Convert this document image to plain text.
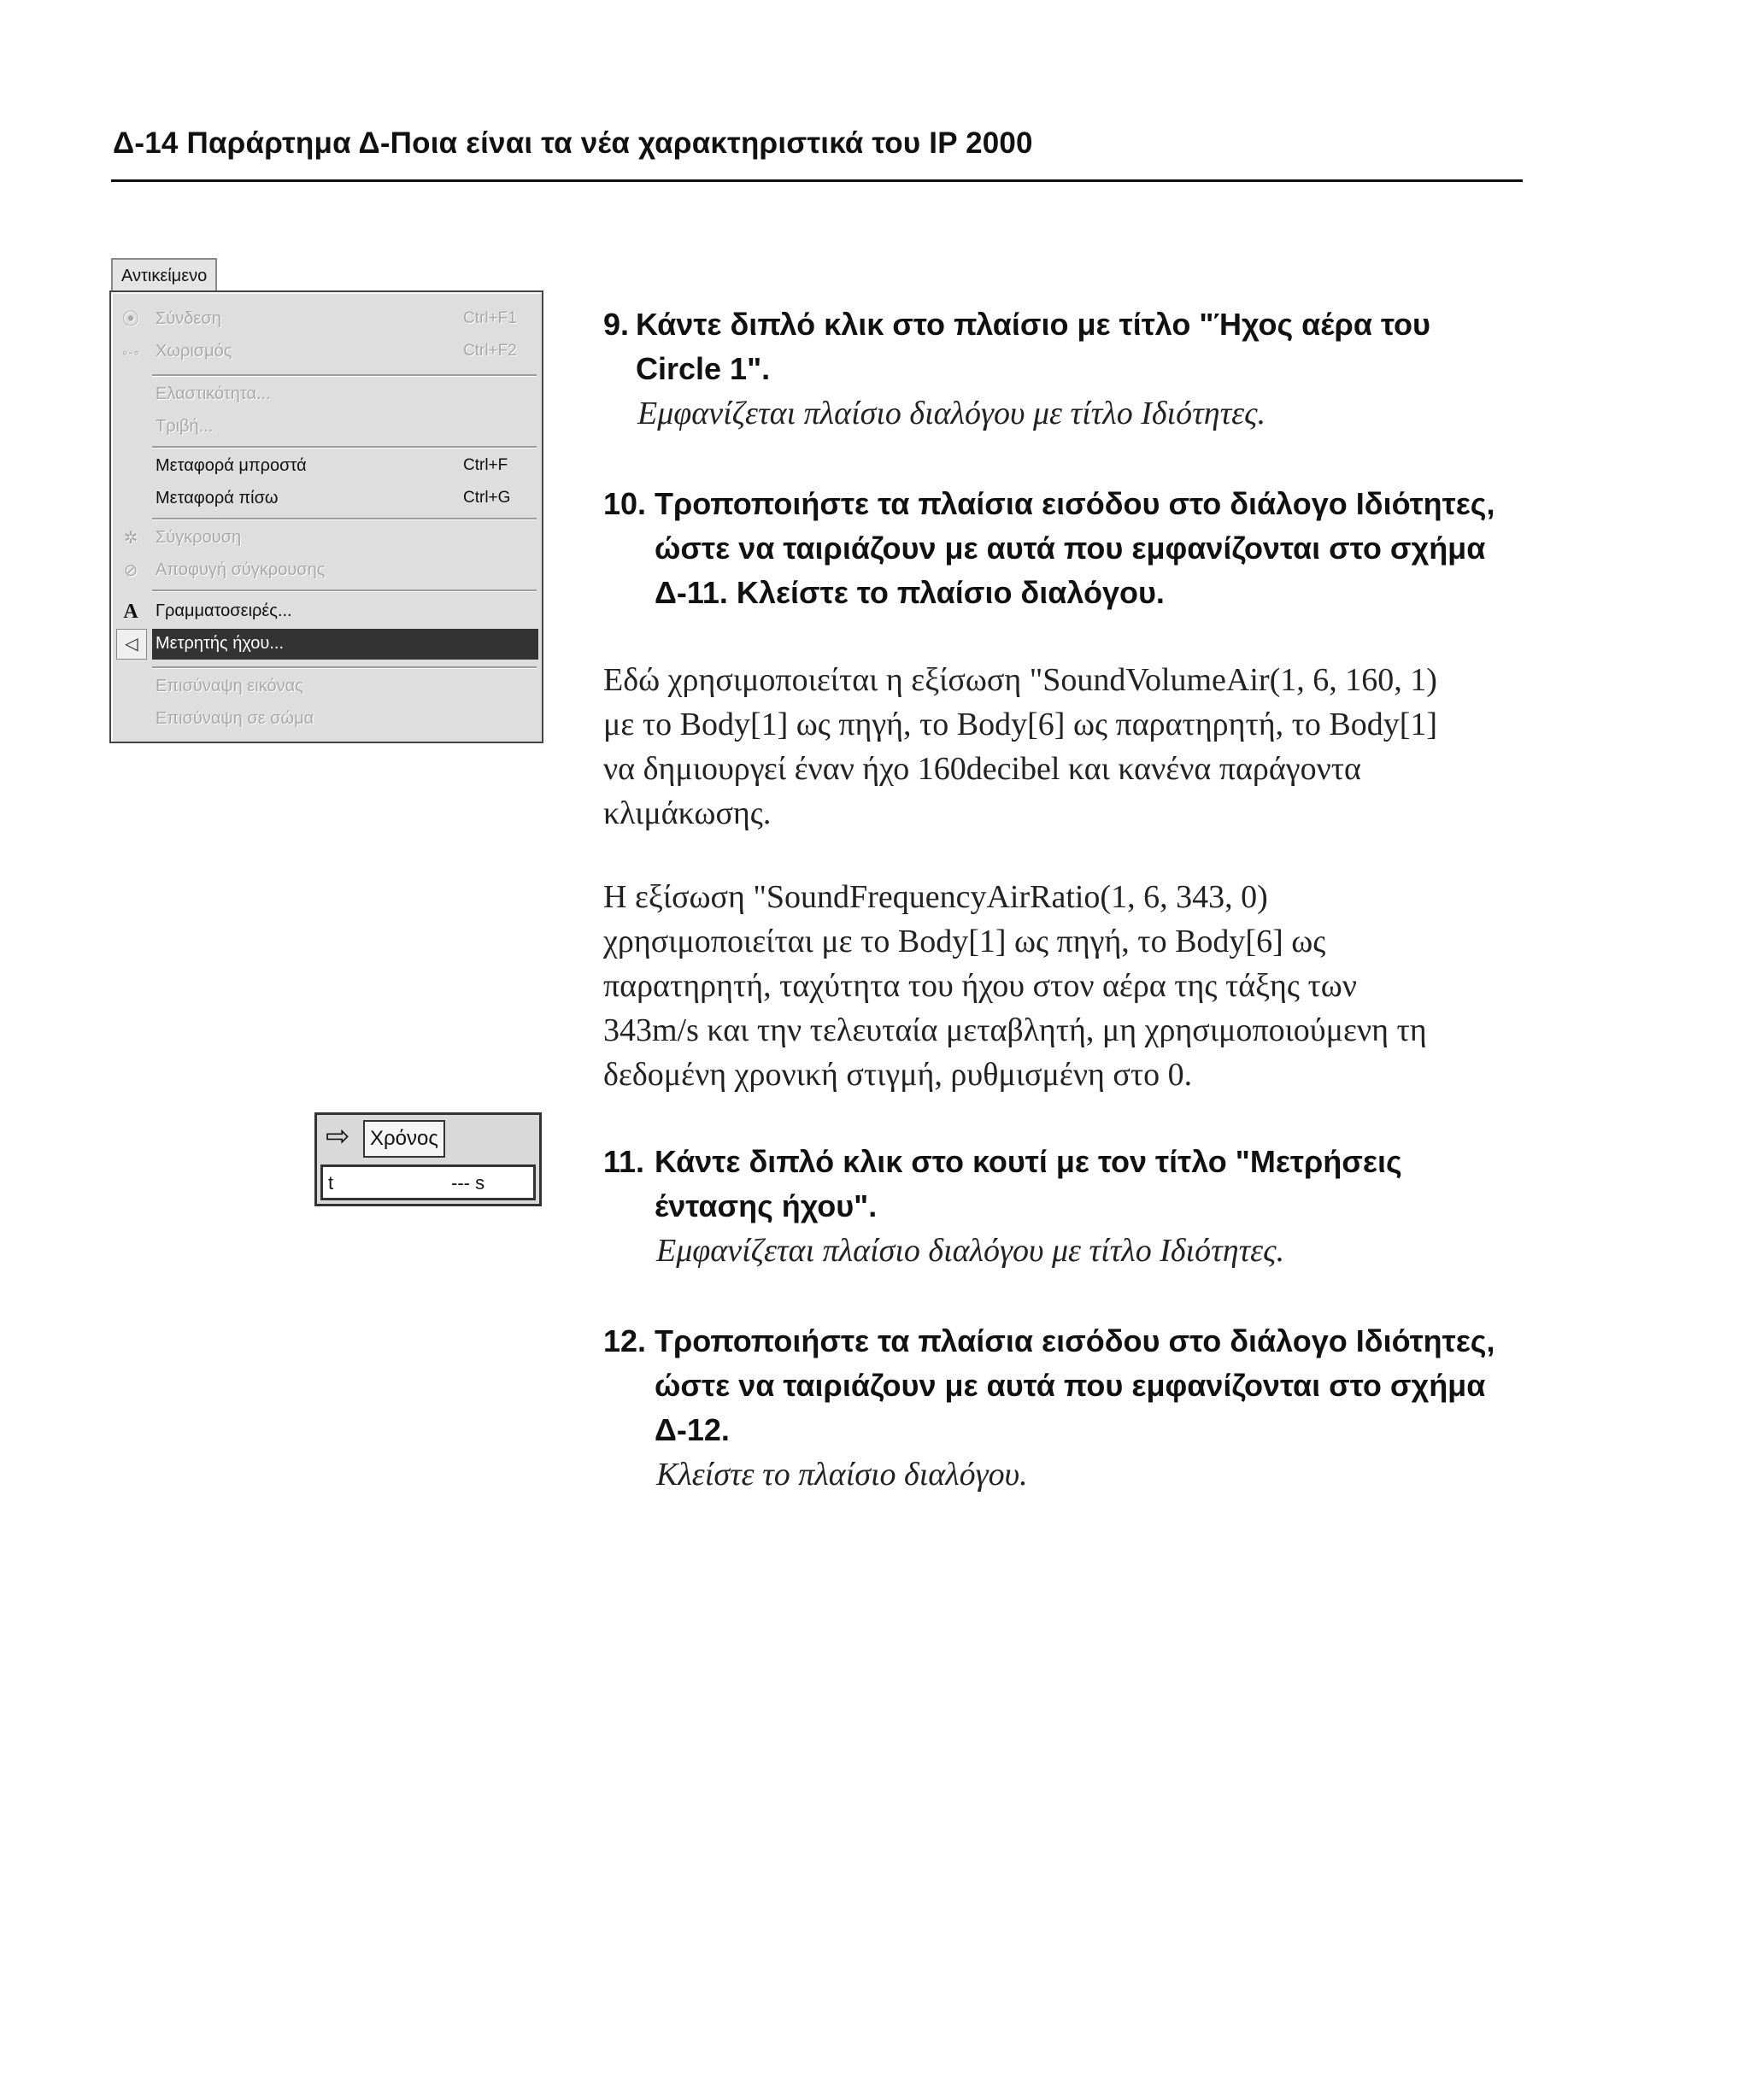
Δ-14 Παράρτημα Δ-Ποια είναι τα νέα χαρακτηριστικά του IP 2000
Αντικείμενο
⦿ Σύνδεση	Ctrl+F1
∘-∘ Χωρισμός	Ctrl+F2
Ελαστικότητα...
Τριβή...
Μεταφορά μπροστά	Ctrl+F
Μεταφορά πίσω	Ctrl+G
✲ Σύγκρουση
⊘ Αποφυγή σύγκρουσης
A Γραμματοσειρές...
◁	Μετρητής ήχου...
Επισύναψη εικόνας
Επισύναψη σε σώμα
⇨ Χρόνος
t	--- s
9. Κάντε διπλό κλικ στο πλαίσιο με τίτλο "Ήχος αέρα του
Circle 1".
Εμφανίζεται πλαίσιο διαλόγου με τίτλο Ιδιότητες.
10. Τροποποιήστε τα πλαίσια εισόδου στο διάλογο Ιδιότητες,
ώστε να ταιριάζουν με αυτά που εμφανίζονται στο σχήμα
Δ-11. Κλείστε το πλαίσιο διαλόγου.
Εδώ χρησιμοποιείται η εξίσωση "SoundVolumeAir(1, 6, 160, 1)
με το Body[1] ως πηγή, το Body[6] ως παρατηρητή, το Body[1]
να δημιουργεί έναν ήχο 160decibel και κανένα παράγοντα
κλιμάκωσης.
Η εξίσωση "SoundFrequencyAirRatio(1, 6, 343, 0)
χρησιμοποιείται με το Body[1] ως πηγή, το Body[6] ως
παρατηρητή, ταχύτητα του ήχου στον αέρα της τάξης των
343m/s και την τελευταία μεταβλητή, μη χρησιμοποιούμενη τη
δεδομένη χρονική στιγμή, ρυθμισμένη στο 0.
11. Κάντε διπλό κλικ στο κουτί με τον τίτλο "Μετρήσεις
έντασης ήχου".
Εμφανίζεται πλαίσιο διαλόγου με τίτλο Ιδιότητες.
12. Τροποποιήστε τα πλαίσια εισόδου στο διάλογο Ιδιότητες,
ώστε να ταιριάζουν με αυτά που εμφανίζονται στο σχήμα
Δ-12.
Κλείστε το πλαίσιο διαλόγου.
